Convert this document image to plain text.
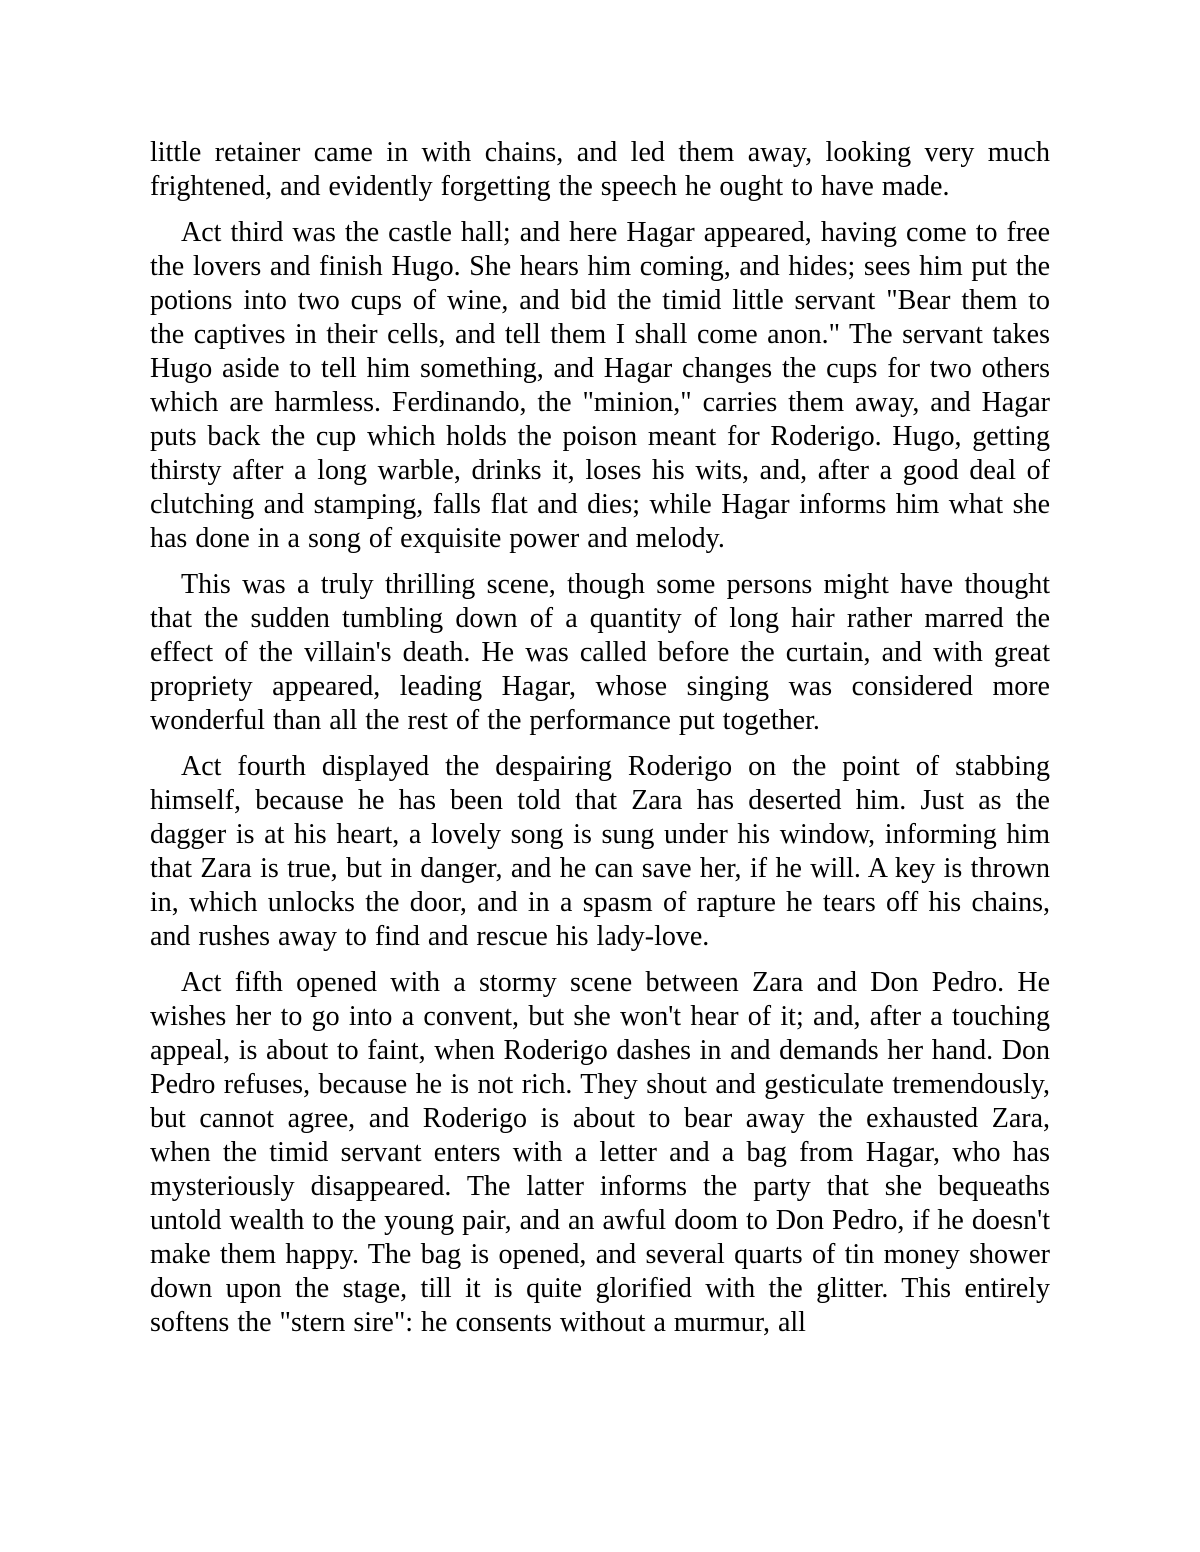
little retainer came in with chains, and led them away, looking very much frightened, and evidently forgetting the speech he ought to have made.

Act third was the castle hall; and here Hagar appeared, having come to free the lovers and finish Hugo. She hears him coming, and hides; sees him put the potions into two cups of wine, and bid the timid little servant "Bear them to the captives in their cells, and tell them I shall come anon." The servant takes Hugo aside to tell him something, and Hagar changes the cups for two others which are harmless. Ferdinando, the "minion," carries them away, and Hagar puts back the cup which holds the poison meant for Roderigo. Hugo, getting thirsty after a long warble, drinks it, loses his wits, and, after a good deal of clutching and stamping, falls flat and dies; while Hagar informs him what she has done in a song of exquisite power and melody.

This was a truly thrilling scene, though some persons might have thought that the sudden tumbling down of a quantity of long hair rather marred the effect of the villain's death. He was called before the curtain, and with great propriety appeared, leading Hagar, whose singing was considered more wonderful than all the rest of the performance put together.

Act fourth displayed the despairing Roderigo on the point of stabbing himself, because he has been told that Zara has deserted him. Just as the dagger is at his heart, a lovely song is sung under his window, informing him that Zara is true, but in danger, and he can save her, if he will. A key is thrown in, which unlocks the door, and in a spasm of rapture he tears off his chains, and rushes away to find and rescue his lady-love.

Act fifth opened with a stormy scene between Zara and Don Pedro. He wishes her to go into a convent, but she won't hear of it; and, after a touching appeal, is about to faint, when Roderigo dashes in and demands her hand. Don Pedro refuses, because he is not rich. They shout and gesticulate tremendously, but cannot agree, and Roderigo is about to bear away the exhausted Zara, when the timid servant enters with a letter and a bag from Hagar, who has mysteriously disappeared. The latter informs the party that she bequeaths untold wealth to the young pair, and an awful doom to Don Pedro, if he doesn't make them happy. The bag is opened, and several quarts of tin money shower down upon the stage, till it is quite glorified with the glitter. This entirely softens the "stern sire": he consents without a murmur, all
